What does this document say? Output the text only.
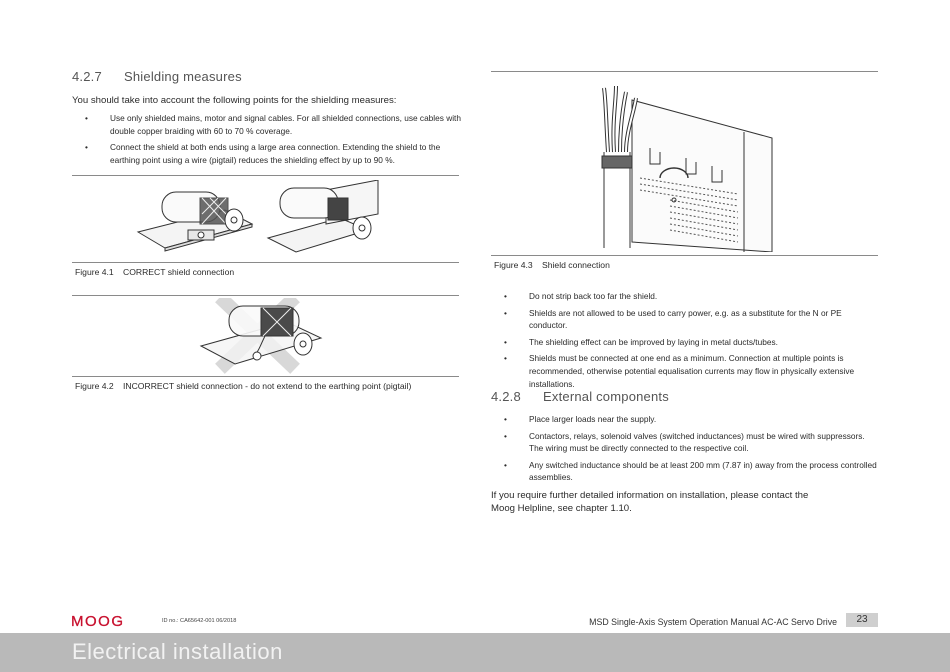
4.2.7 Shielding measures
You should take into account the following points for the shielding measures:
•	Use only shielded mains, motor and signal cables. For all shielded connections, use cables with double copper braiding with 60 to 70 % coverage.
•	Connect the shield at both ends using a large area connection. Extending the shield to the earthing point using a wire (pigtail) reduces the shielding effect by up to 90 %.
Figure 4.1 CORRECT shield connection
Figure 4.2 INCORRECT shield connection - do not extend to the earthing point (pigtail)
Figure 4.3 Shield connection
•	Do not strip back too far the shield.
•	Shields are not allowed to be used to carry power, e.g. as a substitute for the N or PE conductor.
•	The shielding effect can be improved by laying in metal ducts/tubes.
•	Shields must be connected at one end as a minimum. Connection at multiple points is recommended, otherwise potential equalisation currents may flow in physically extensive installations.
4.2.8 External components
•	Place larger loads near the supply.
•	Contactors, relays, solenoid valves (switched inductances) must be wired with suppressors. The wiring must be directly connected to the respective coil.
•	Any switched inductance should be at least 200 mm (7.87 in) away from the process controlled assemblies.
If you require further detailed information on installation, please contact the Moog Helpline, see chapter 1.10.
MOOG	ID no.: CA65642-001 06/2018	MSD Single-Axis System Operation Manual AC-AC Servo Drive	23
Electrical installation
